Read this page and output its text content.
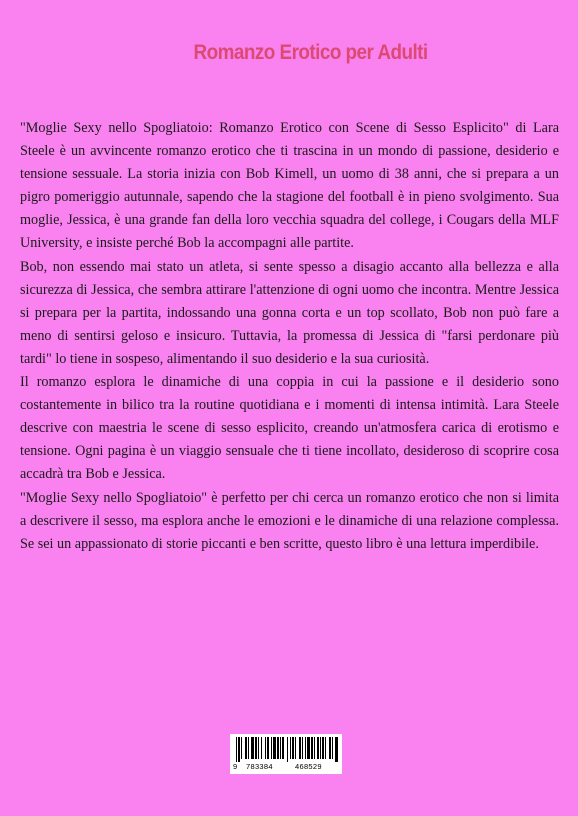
Romanzo Erotico per Adulti

"Moglie Sexy nello Spogliatoio: Romanzo Erotico con Scene di Sesso Esplicito" di Lara Steele è un avvincente romanzo erotico che ti trascina in un mondo di passione, desiderio e tensione sessuale. La storia inizia con Bob Kimell, un uomo di 38 anni, che si prepara a un pigro pomeriggio autunnale, sapendo che la stagione del football è in pieno svolgimento. Sua moglie, Jessica, è una grande fan della loro vecchia squadra del college, i Cougars della MLF University, e insiste perché Bob la accompagni alle partite.

Bob, non essendo mai stato un atleta, si sente spesso a disagio accanto alla bellezza e alla sicurezza di Jessica, che sembra attirare l'attenzione di ogni uomo che incontra. Mentre Jessica si prepara per la partita, indossando una gonna corta e un top scollato, Bob non può fare a meno di sentirsi geloso e insicuro. Tuttavia, la promessa di Jessica di "farsi perdonare più tardi" lo tiene in sospeso, alimentando il suo desiderio e la sua curiosità.

Il romanzo esplora le dinamiche di una coppia in cui la passione e il desiderio sono costantemente in bilico tra la routine quotidiana e i momenti di intensa intimità. Lara Steele descrive con maestria le scene di sesso esplicito, creando un'atmosfera carica di erotismo e tensione. Ogni pagina è un viaggio sensuale che ti tiene incollato, desideroso di scoprire cosa accadrà tra Bob e Jessica.

"Moglie Sexy nello Spogliatoio" è perfetto per chi cerca un romanzo erotico che non si limita a descrivere il sesso, ma esplora anche le emozioni e le dinamiche di una relazione complessa. Se sei un appassionato di storie piccanti e ben scritte, questo libro è una lettura imperdibile.

9 783384	468529
